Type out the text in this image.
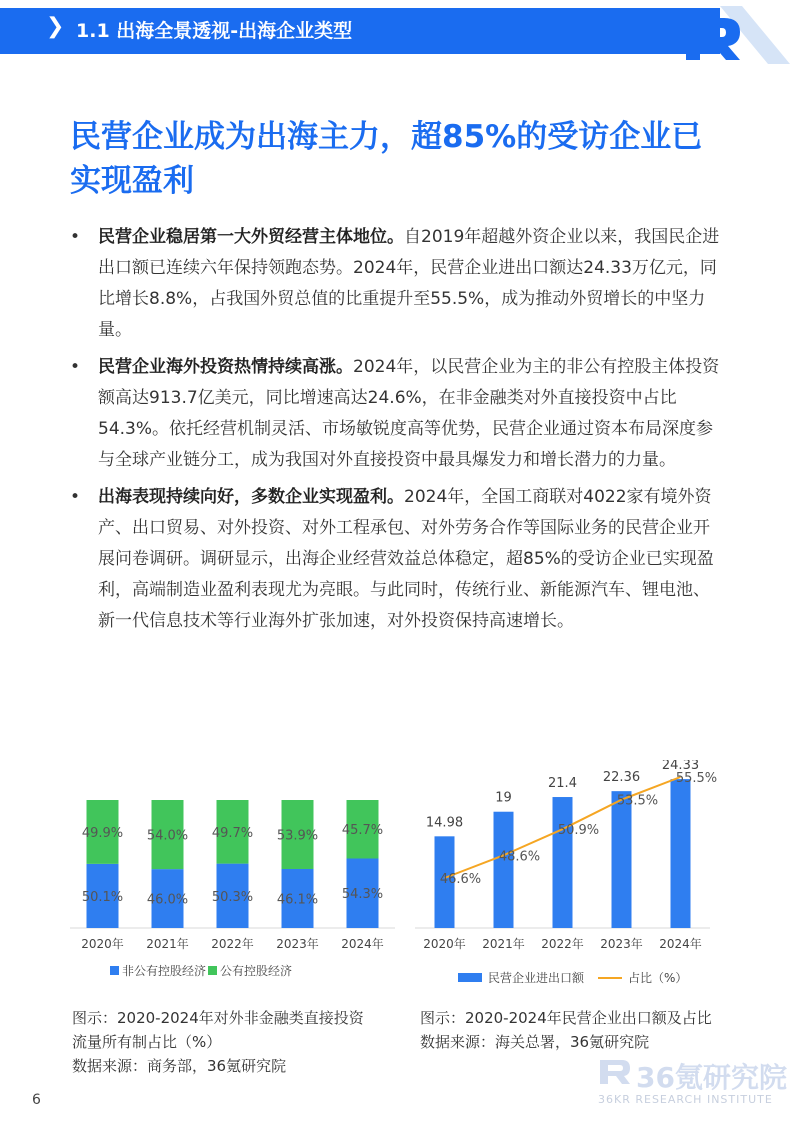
❯ 1.1 出海全景透视-出海企业类型
民营企业成为出海主力，超85%的受访企业已实现盈利
• 民营企业稳居第一大外贸经营主体地位。自2019年超越外资企业以来，我国民企进出口额已连续六年保持领跑态势。2024年，民营企业进出口额达24.33万亿元，同比增长8.8%，占我国外贸总值的比重提升至55.5%，成为推动外贸增长的中坚力量。
• 民营企业海外投资热情持续高涨。2024年，以民营企业为主的非公有控股主体投资额高达913.7亿美元，同比增速高达24.6%，在非金融类对外直接投资中占比54.3%。依托经营机制灵活、市场敏锐度高等优势，民营企业通过资本布局深度参与全球产业链分工，成为我国对外直接投资中最具爆发力和增长潜力的力量。
• 出海表现持续向好，多数企业实现盈利。2024年，全国工商联对4022家有境外资产、出口贸易、对外投资、对外工程承包、对外劳务合作等国际业务的民营企业开展问卷调研。调研显示，出海企业经营效益总体稳定，超85%的受访企业已实现盈利，高端制造业盈利表现尤为亮眼。与此同时，传统行业、新能源汽车、锂电池、新一代信息技术等行业海外扩张加速，对外投资保持高速增长。
50.1%
49.9%
2020年
46.0%
54.0%
2021年
50.3%
49.7%
2022年
46.1%
53.9%
2023年
54.3%
45.7%
2024年
非公有控股经济 公有控股经济
14.98
2020年
19
2021年
21.4
2022年
22.36
2023年
24.33
2024年
46.6%
48.6%
50.9%
53.5%
55.5%
民营企业进出口额	占比（%）
图示：2020-2024年对外非金融类直接投资流量所有制占比（%）
数据来源：商务部，36氪研究院
图示：2020-2024年民营企业出口额及占比
数据来源：海关总署，36氪研究院
6
36氪研究院
36KR RESEARCH INSTITUTE
